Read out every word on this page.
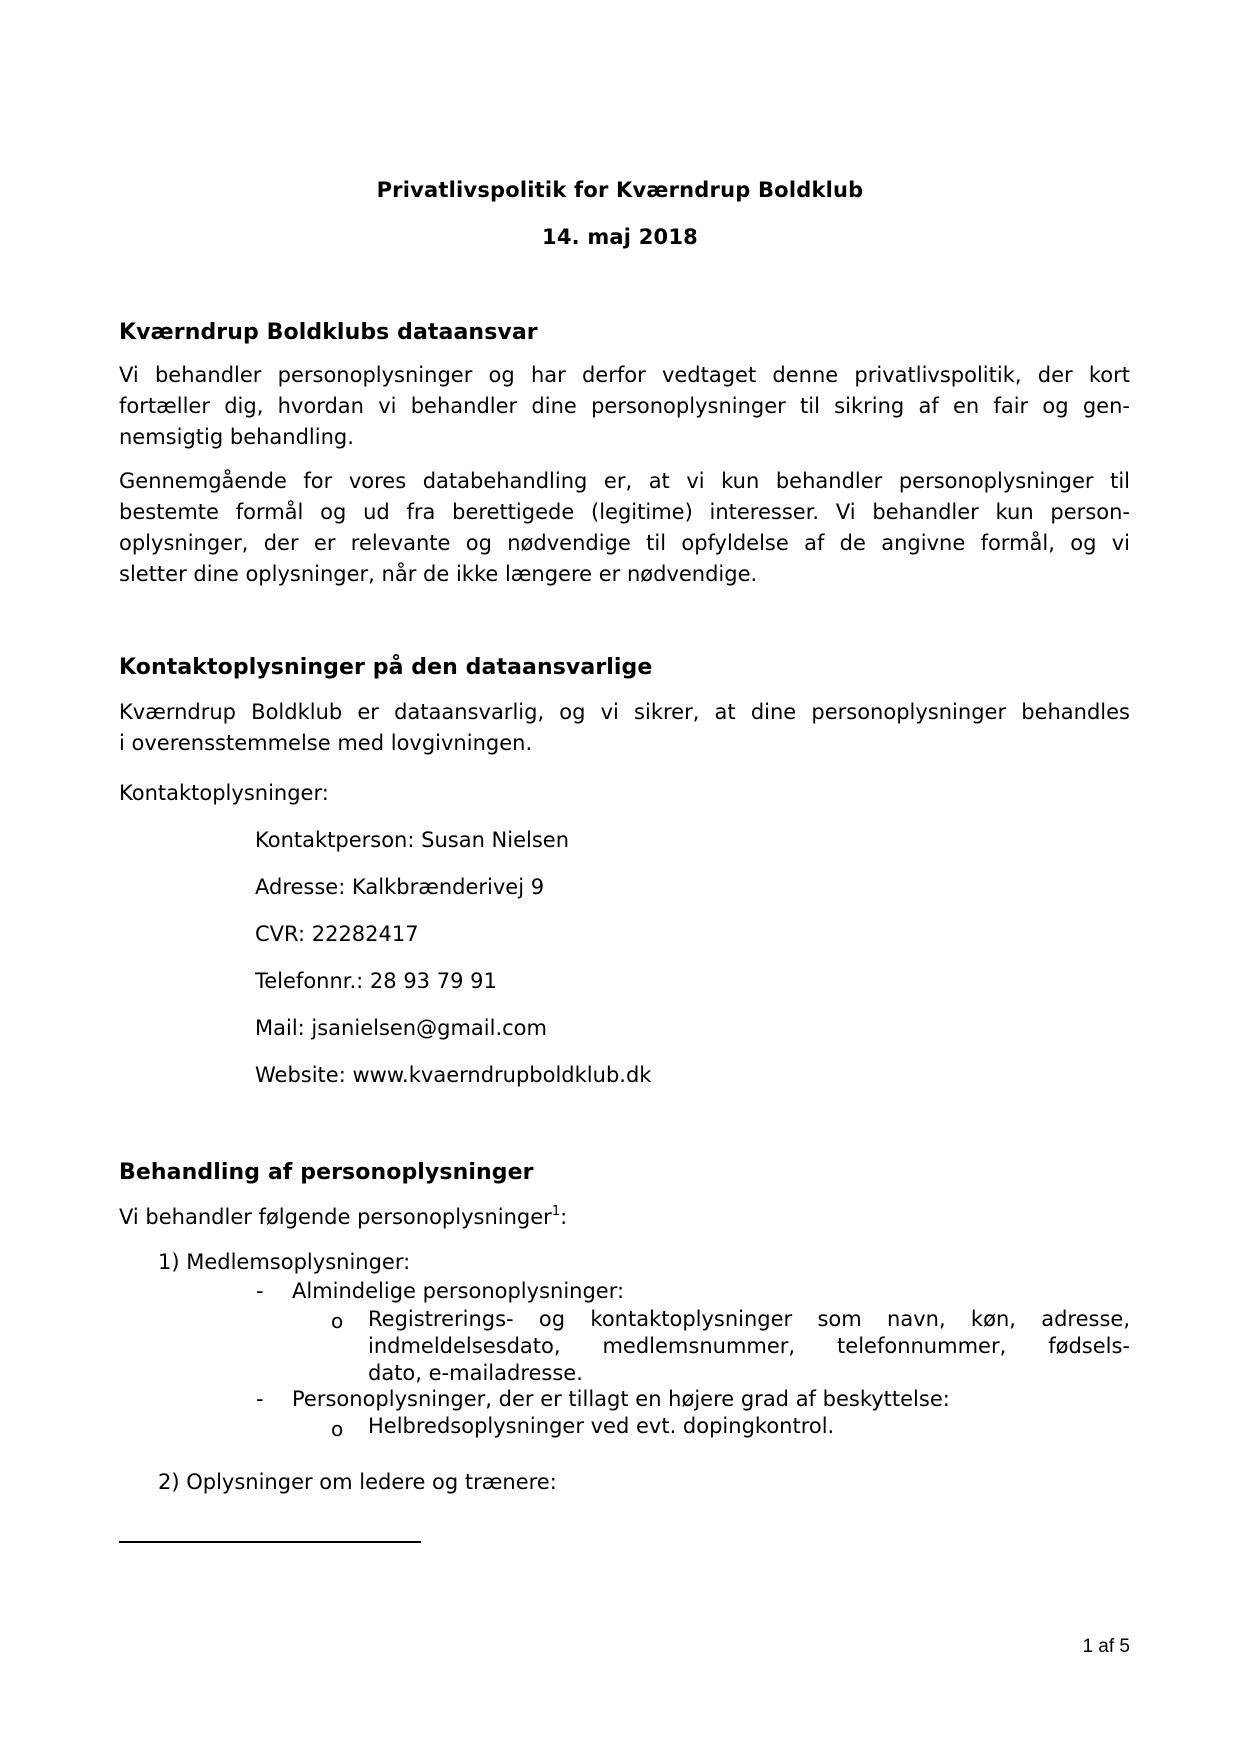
Privatlivspolitik for Kværndrup Boldklub
14. maj 2018
Kværndrup Boldklubs dataansvar
Vi behandler personoplysninger og har derfor vedtaget denne privatlivspolitik, der kort
fortæller dig, hvordan vi behandler dine personoplysninger til sikring af en fair og gen-
nemsigtig behandling.
Gennemgående for vores databehandling er, at vi kun behandler personoplysninger til
bestemte formål og ud fra berettigede (legitime) interesser. Vi behandler kun person-
oplysninger, der er relevante og nødvendige til opfyldelse af de angivne formål, og vi
sletter dine oplysninger, når de ikke længere er nødvendige.
Kontaktoplysninger på den dataansvarlige
Kværndrup Boldklub er dataansvarlig, og vi sikrer, at dine personoplysninger behandles
i overensstemmelse med lovgivningen.
Kontaktoplysninger:
Kontaktperson: Susan Nielsen
Adresse: Kalkbrænderivej 9
CVR: 22282417
Telefonnr.: 28 93 79 91
Mail: jsanielsen@gmail.com
Website: www.kvaerndrupboldklub.dk
Behandling af personoplysninger
Vi behandler følgende personoplysninger$^1$:
1) Medlemsoplysninger:
- Almindelige personoplysninger:
o Registrerings- og kontaktoplysninger som navn, køn, adresse,
indmeldelsesdato, medlemsnummer, telefonnummer, fødsels-
dato, e-mailadresse.
- Personoplysninger, der er tillagt en højere grad af beskyttelse:
o Helbredsoplysninger ved evt. dopingkontrol.
2) Oplysninger om ledere og trænere:
1 af 5
